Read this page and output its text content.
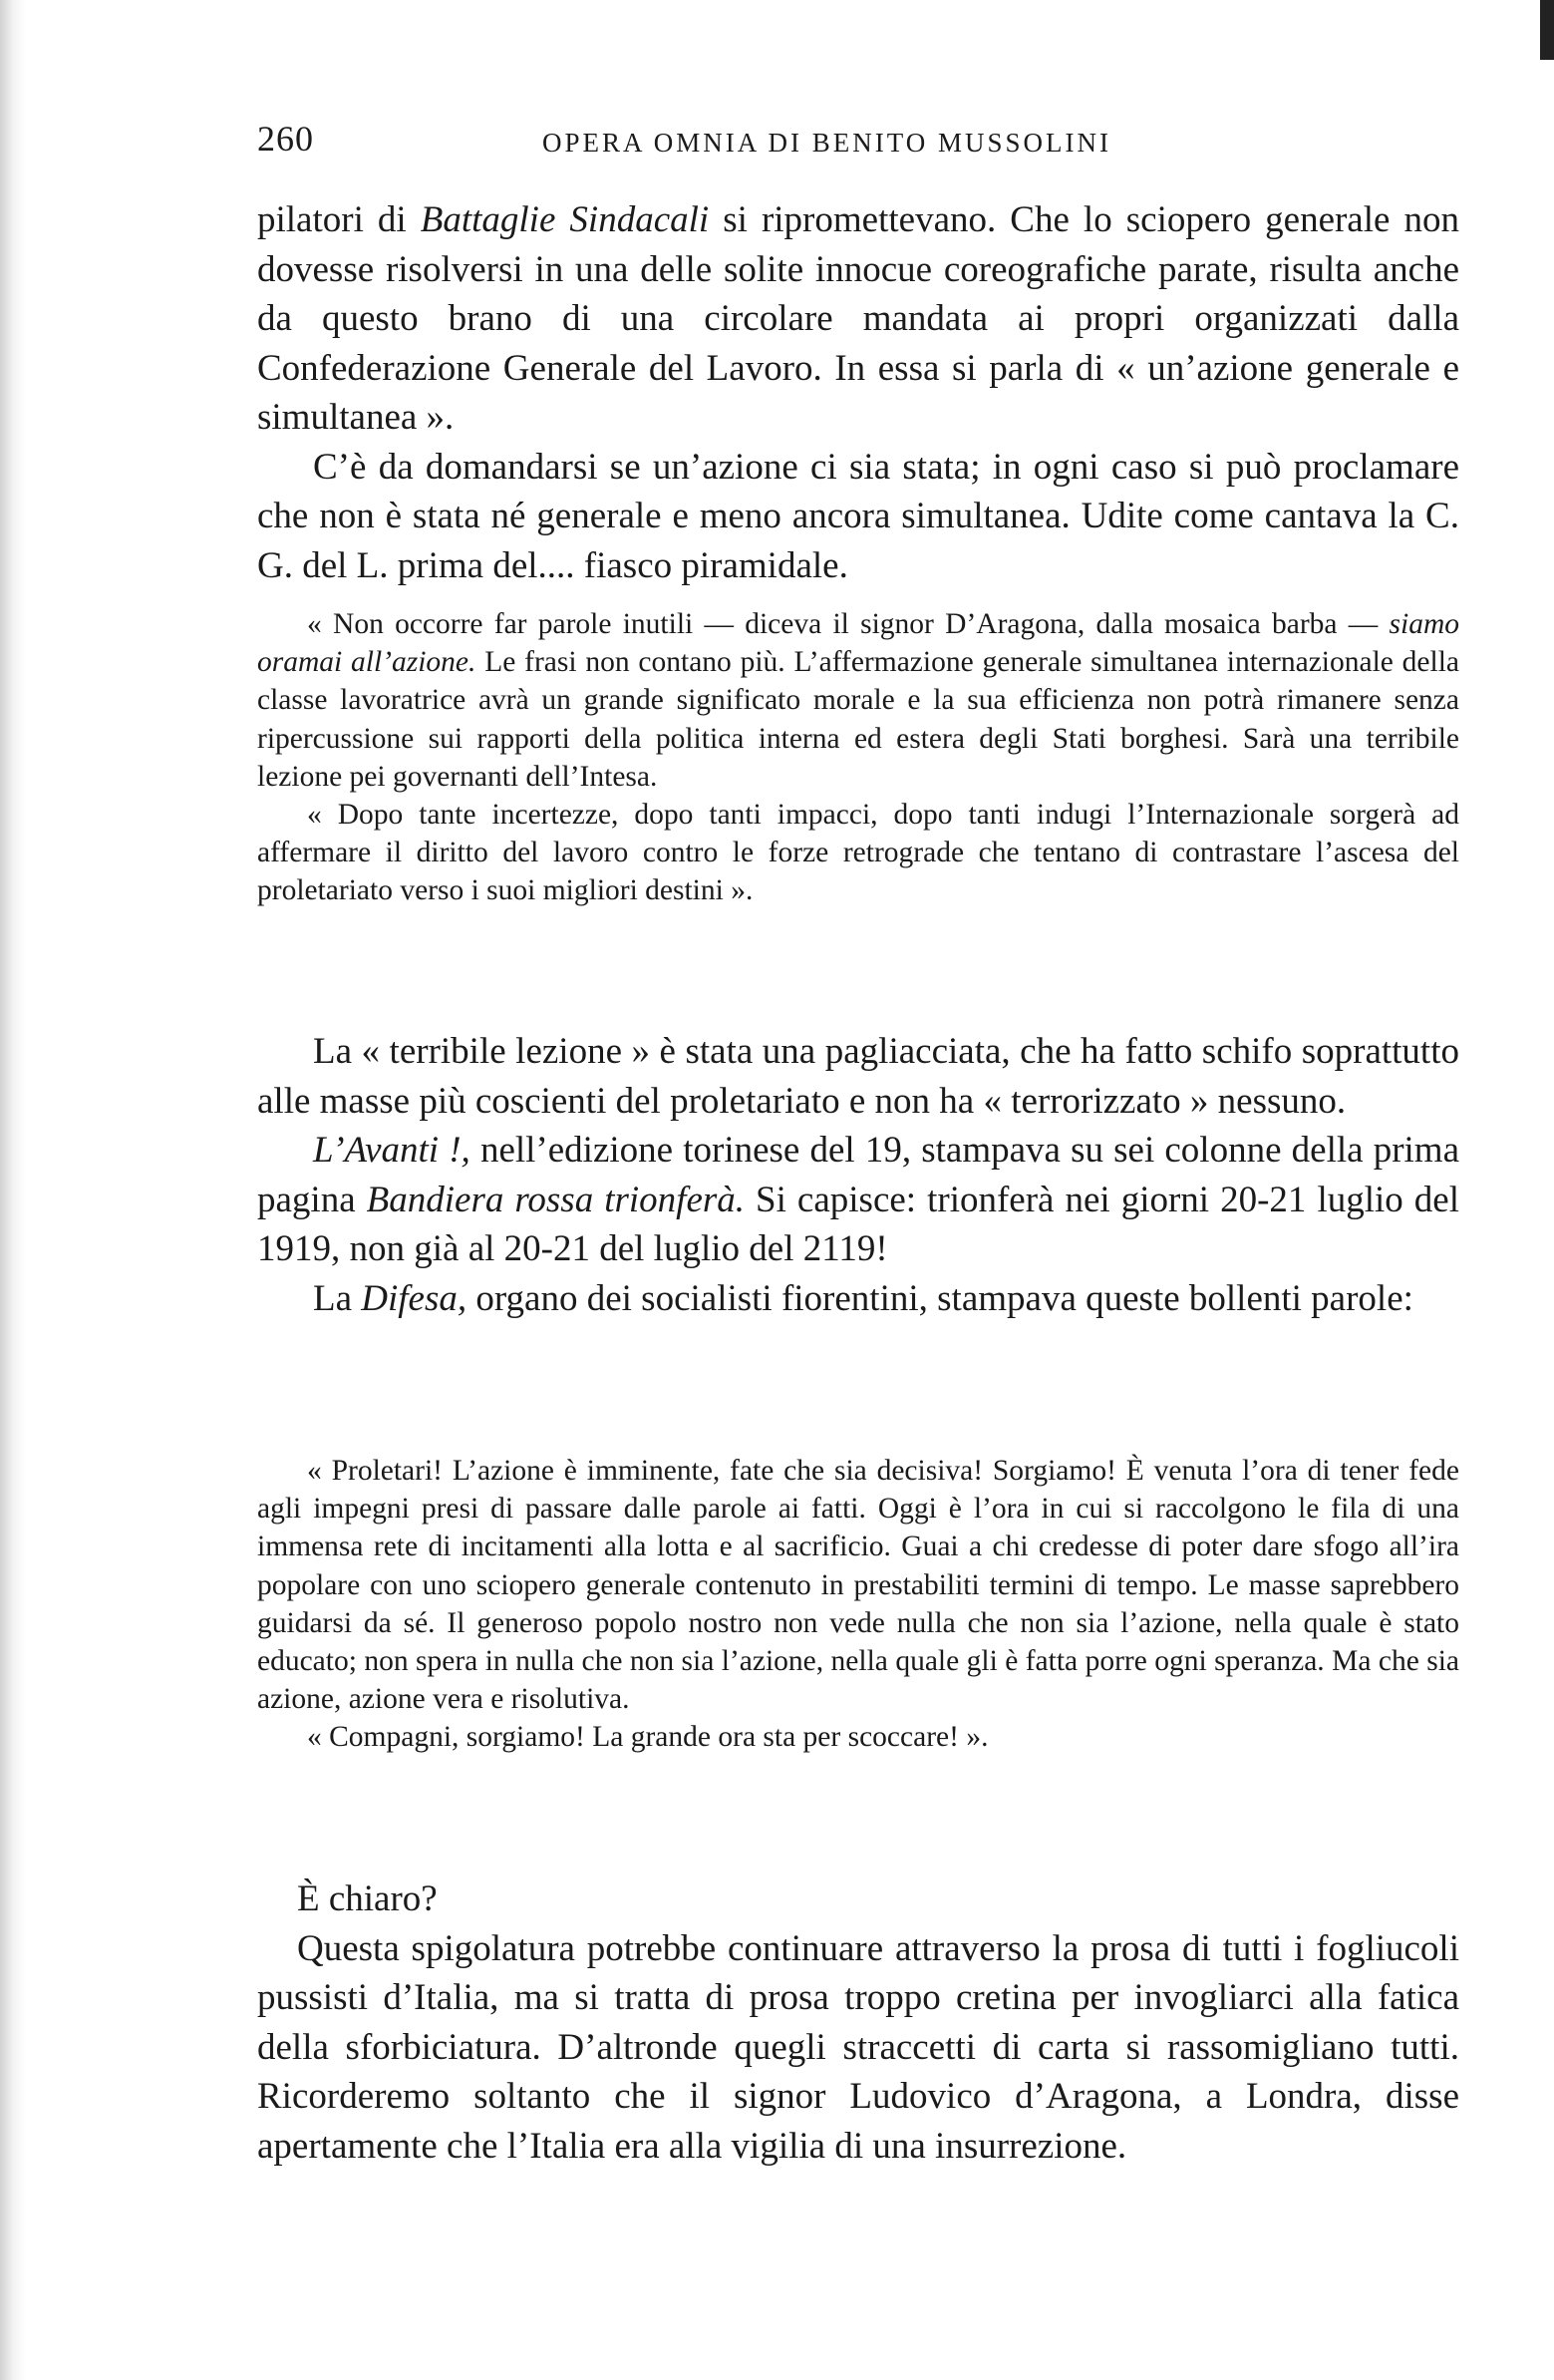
260	OPERA OMNIA DI BENITO MUSSOLINI

pilatori di Battaglie Sindacali si ripromettevano. Che lo sciopero generale non dovesse risolversi in una delle solite innocue coreografiche parate, risulta anche da questo brano di una circolare mandata ai propri organizzati dalla Confederazione Generale del Lavoro. In essa si parla di « un’azione generale e simultanea ».

C’è da domandarsi se un’azione ci sia stata; in ogni caso si può proclamare che non è stata né generale e meno ancora simultanea. Udite come cantava la C. G. del L. prima del.... fiasco piramidale.

« Non occorre far parole inutili — diceva il signor D’Aragona, dalla mosaica barba — siamo oramai all’azione. Le frasi non contano più. L’affermazione generale simultanea internazionale della classe lavoratrice avrà un grande significato morale e la sua efficienza non potrà rimanere senza ripercussione sui rapporti della politica interna ed estera degli Stati borghesi. Sarà una terribile lezione pei governanti dell’Intesa.

« Dopo tante incertezze, dopo tanti impacci, dopo tanti indugi l’Internazionale sorgerà ad affermare il diritto del lavoro contro le forze retrograde che tentano di contrastare l’ascesa del proletariato verso i suoi migliori destini ».

La « terribile lezione » è stata una pagliacciata, che ha fatto schifo soprattutto alle masse più coscienti del proletariato e non ha « terrorizzato » nessuno.

L’Avanti !, nell’edizione torinese del 19, stampava su sei colonne della prima pagina Bandiera rossa trionferà. Si capisce: trionferà nei giorni 20-21 luglio del 1919, non già al 20-21 del luglio del 2119!

La Difesa, organo dei socialisti fiorentini, stampava queste bollenti parole:

« Proletari! L’azione è imminente, fate che sia decisiva! Sorgiamo! È venuta l’ora di tener fede agli impegni presi di passare dalle parole ai fatti. Oggi è l’ora in cui si raccolgono le fila di una immensa rete di incitamenti alla lotta e al sacrificio. Guai a chi credesse di poter dare sfogo all’ira popolare con uno sciopero generale contenuto in prestabiliti termini di tempo. Le masse saprebbero guidarsi da sé. Il generoso popolo nostro non vede nulla che non sia l’azione, nella quale è stato educato; non spera in nulla che non sia l’azione, nella quale gli è fatta porre ogni speranza. Ma che sia azione, azione vera e risolutiva.

« Compagni, sorgiamo! La grande ora sta per scoccare! ».

È chiaro?

Questa spigolatura potrebbe continuare attraverso la prosa di tutti i fogliucoli pussisti d’Italia, ma si tratta di prosa troppo cretina per invogliarci alla fatica della sforbiciatura. D’altronde quegli straccetti di carta si rassomigliano tutti. Ricorderemo soltanto che il signor Ludovico d’Aragona, a Londra, disse apertamente che l’Italia era alla vigilia di una insurrezione.
